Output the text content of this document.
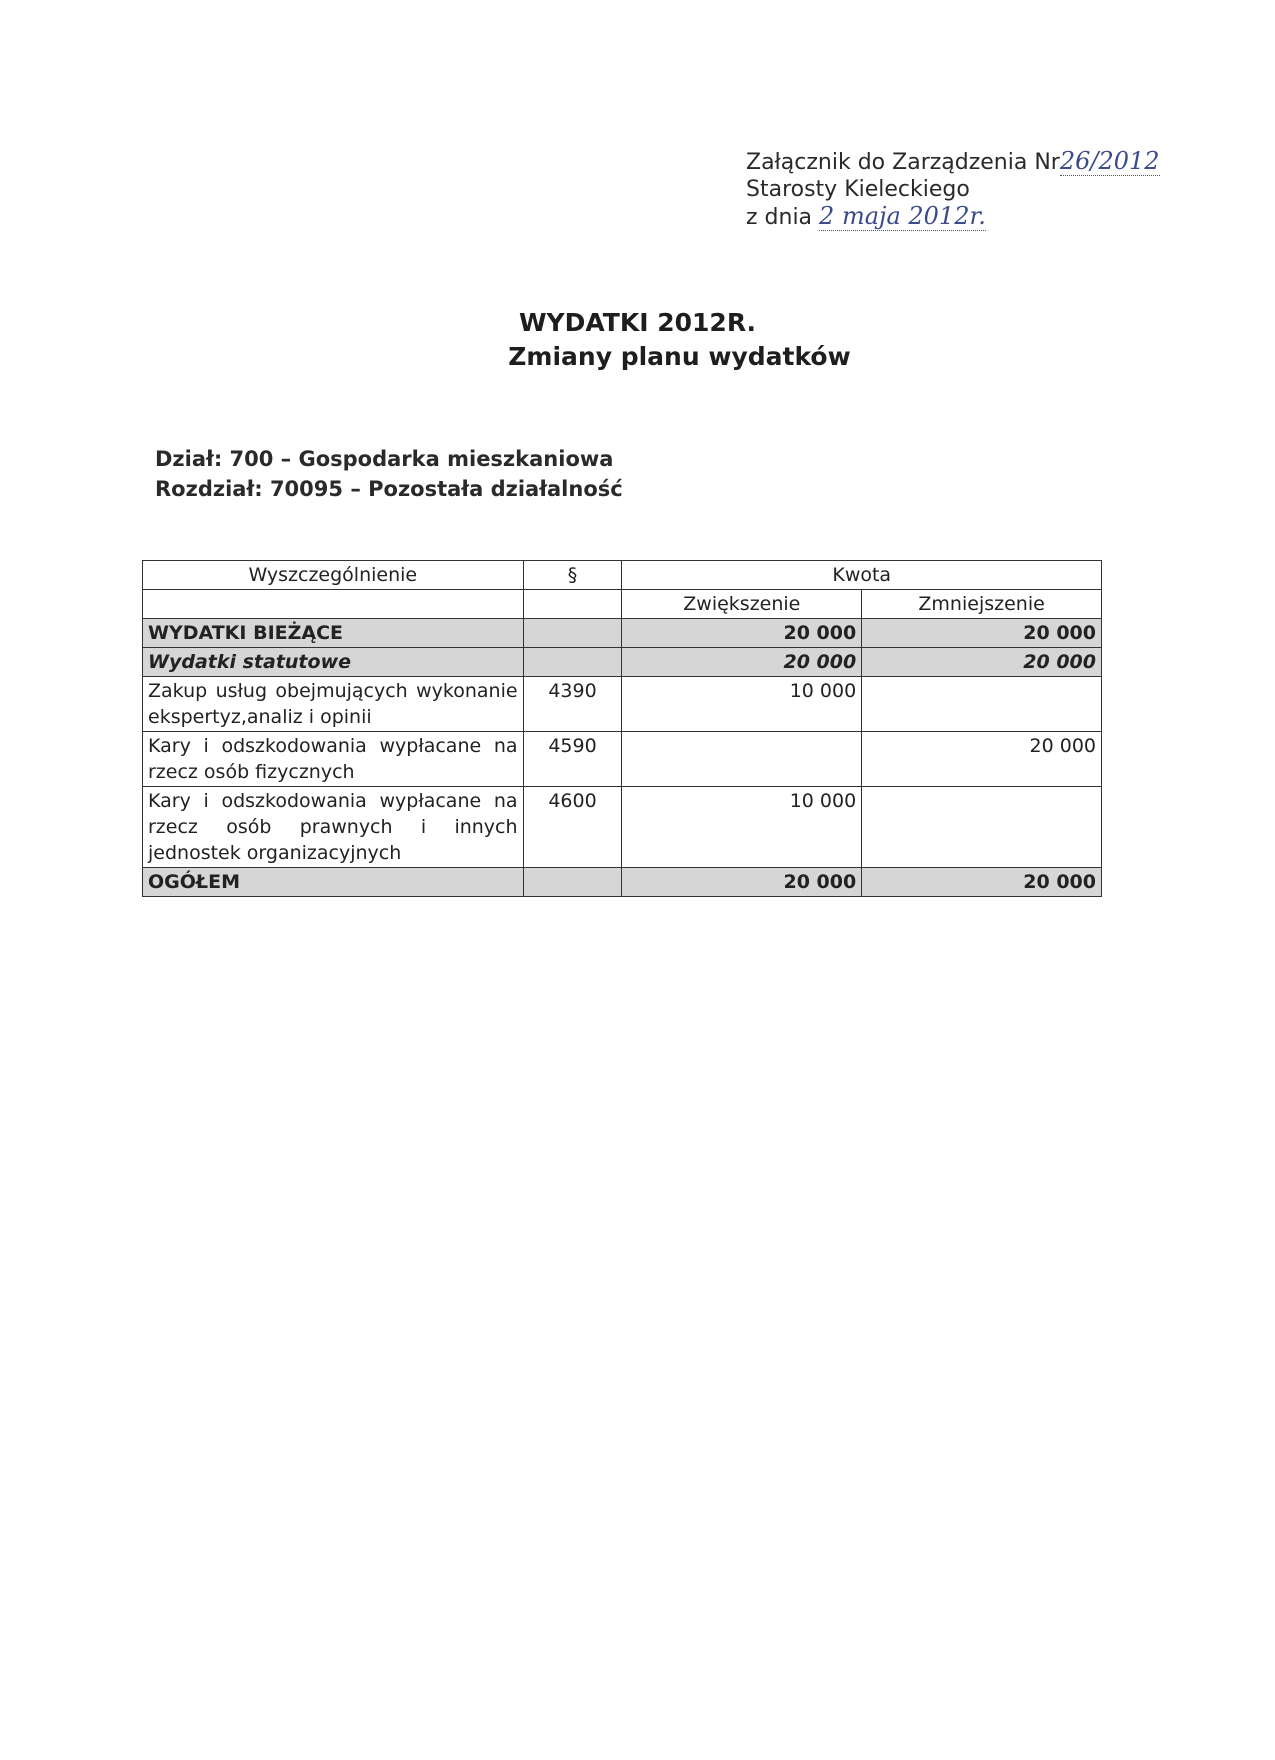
Załącznik do Zarządzenia Nr26/2012
Starosty Kieleckiego
z dnia 2 maja 2012r.
WYDATKI 2012R.
Zmiany planu wydatków
Dział: 700 – Gospodarka mieszkaniowa
Rozdział: 70095 – Pozostała działalność
Wyszczególnienie	§	Kwota	
		Zwiększenie	Zmniejszenie
WYDATKI BIEŻĄCE		20 000	20 000
Wydatki statutowe		20 000	20 000
Zakup usług obejmujących wykonanie ekspertyz,analiz i opinii	4390	10 000	
Kary i odszkodowania wypłacane na rzecz osób fizycznych	4590		20 000
Kary i odszkodowania wypłacane na rzecz osób prawnych i innych jednostek organizacyjnych	4600	10 000	
OGÓŁEM		20 000	20 000
